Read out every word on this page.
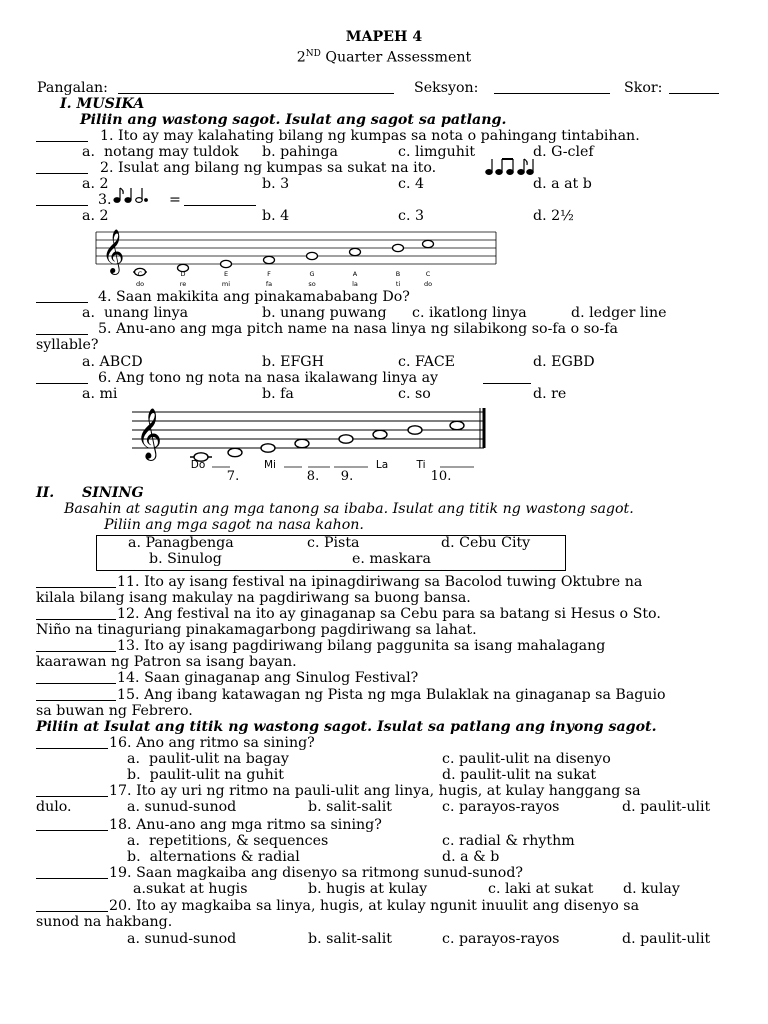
MAPEH 4
2ND Quarter Assessment
Pangalan:	Seksyon:	Skor:
I. MUSIKA
Piliin ang wastong sagot. Isulat ang sagot sa patlang.
1. Ito ay may kalahating bilang ng kumpas sa nota o pahingang tintabihan.
a.  notang may tuldok b. pahinga	c. limguhit	d. G-clef
2. Isulat ang bilang ng kumpas sa sukat na ito.
a. 2	b. 3	c. 4	d. a at b
3.	=
a. 2	b. 4	c. 3	d. 2½
𝄞
C	D	E	F	G	A	B	C
do	re	mi	fa	so	la	ti	do
4. Saan makikita ang pinakamababang Do?
a.  unang linya	b. unang puwang c. ikatlong linya	d. ledger line
5. Anu-ano ang mga pitch name na nasa linya ng silabikong so-fa o so-fa
syllable?
a. ABCD	b. EFGH	c. FACE	d. EGBD
6. Ang tono ng nota na nasa ikalawang linya ay
a. mi	b. fa	c. so	d. re
𝄞
Do	Mi	La	Ti
7.	8. 9.	10.
II. SINING
Basahin at sagutin ang mga tanong sa ibaba. Isulat ang titik ng wastong sagot.
Piliin ang mga sagot na nasa kahon.
a. Panagbenga	c. Pista	d. Cebu City
b. Sinulog	e. maskara
11. Ito ay isang festival na ipinagdiriwang sa Bacolod tuwing Oktubre na
kilala bilang isang makulay na pagdiriwang sa buong bansa.
12. Ang festival na ito ay ginaganap sa Cebu para sa batang si Hesus o Sto.
Niño na tinaguriang pinakamagarbong pagdiriwang sa lahat.
13. Ito ay isang pagdiriwang bilang paggunita sa isang mahalagang
kaarawan ng Patron sa isang bayan.
14. Saan ginaganap ang Sinulog Festival?
15. Ang ibang katawagan ng Pista ng mga Bulaklak na ginaganap sa Baguio
sa buwan ng Febrero.
Piliin at Isulat ang titik ng wastong sagot. Isulat sa patlang ang inyong sagot.
16. Ano ang ritmo sa sining?
a.  paulit-ulit na bagay	c. paulit-ulit na disenyo
b.  paulit-ulit na guhit	d. paulit-ulit na sukat
17. Ito ay uri ng ritmo na pauli-ulit ang linya, hugis, at kulay hanggang sa
dulo.	a. sunud-sunod	b. salit-salit	c. parayos-rayos	d. paulit-ulit
18. Anu-ano ang mga ritmo sa sining?
a.  repetitions, & sequences	c. radial & rhythm
b.  alternations & radial	d. a & b
19. Saan magkaiba ang disenyo sa ritmong sunud-sunod?
a.sukat at hugis	b. hugis at kulay	c. laki at sukat d. kulay
20. Ito ay magkaiba sa linya, hugis, at kulay ngunit inuulit ang disenyo sa
sunod na hakbang.
a. sunud-sunod	b. salit-salit	c. parayos-rayos	d. paulit-ulit
